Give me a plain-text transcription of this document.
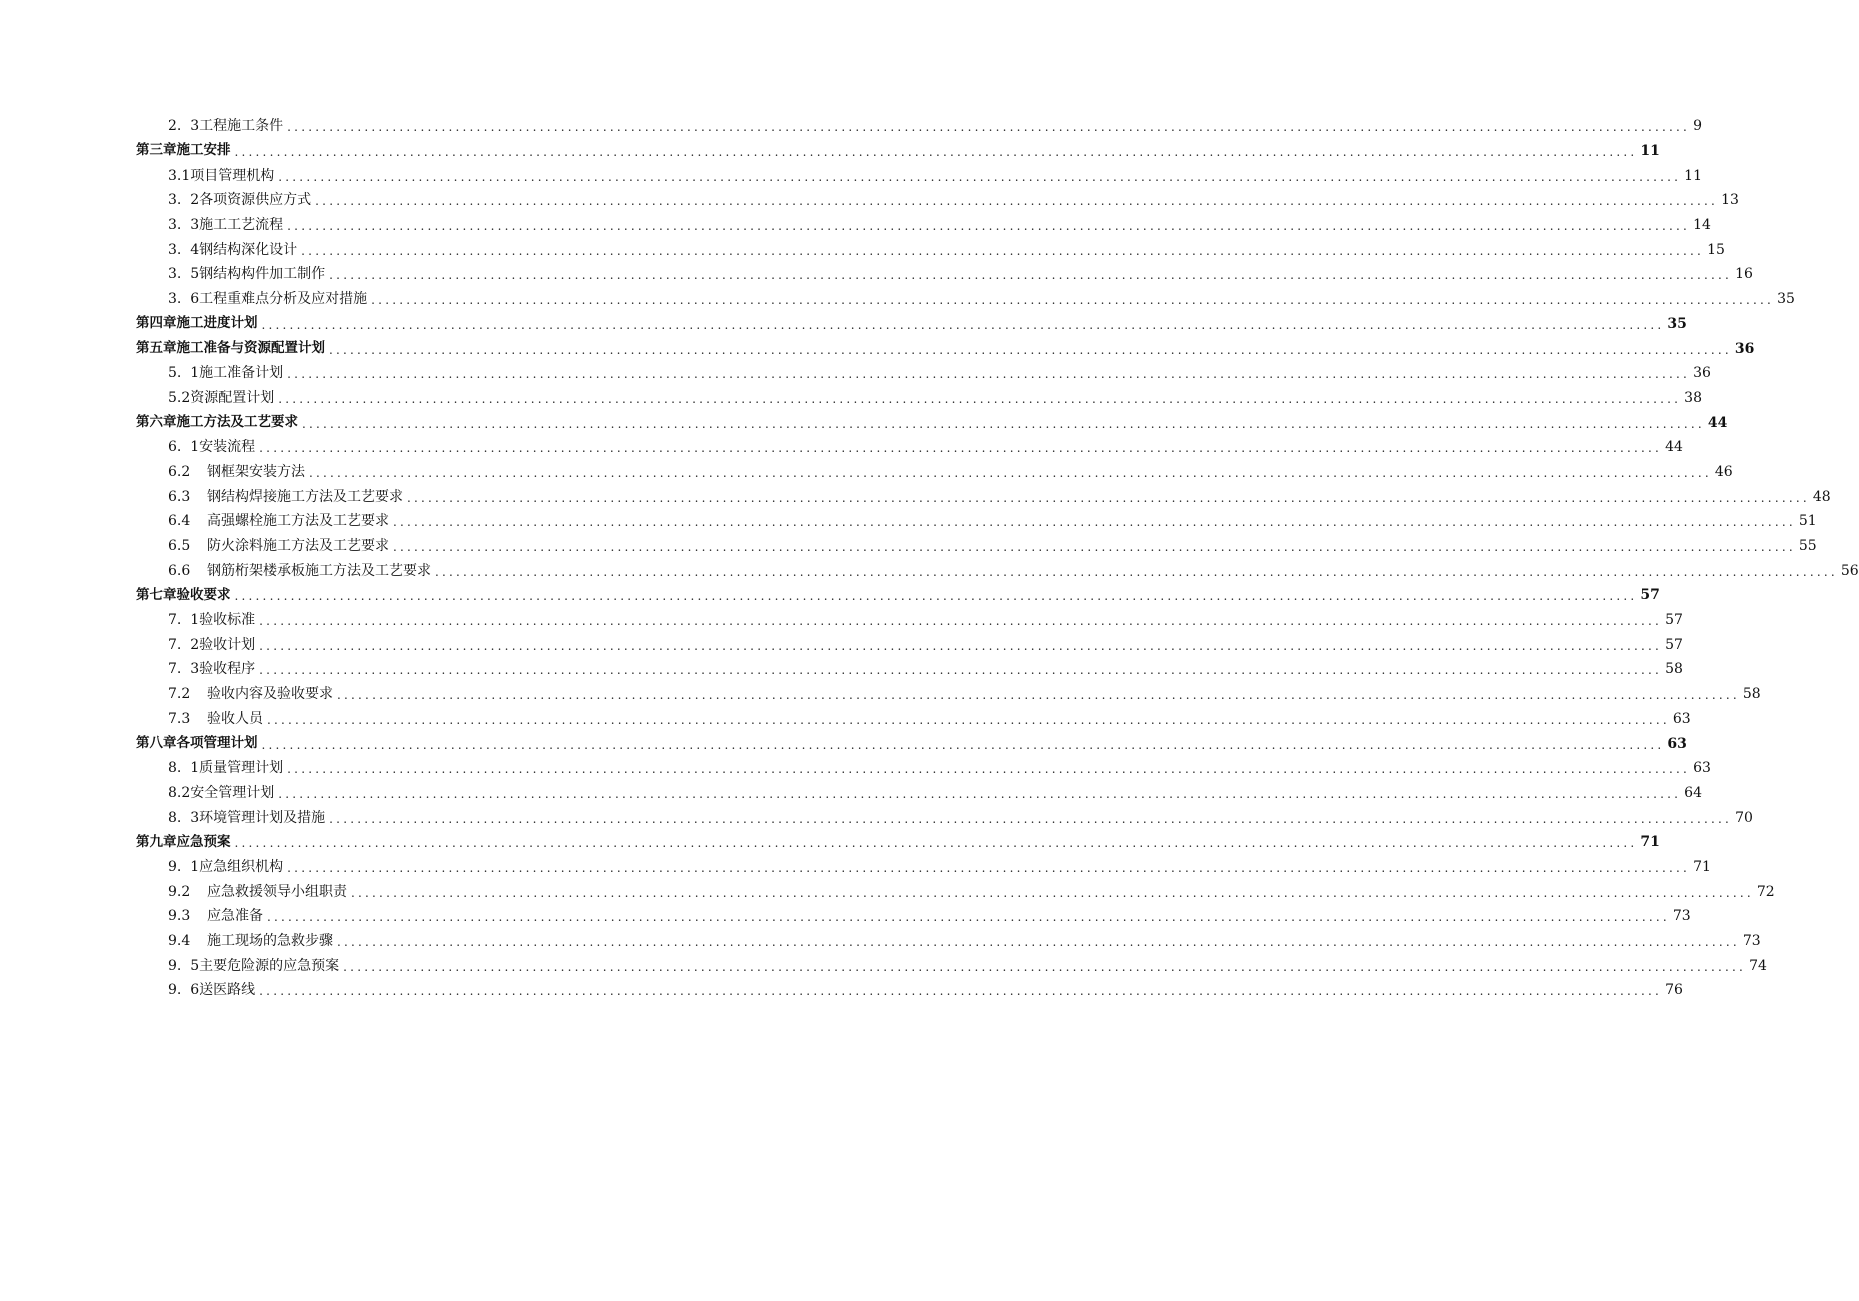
2.  3工程施工条件 ........................................................................................................................................................................................................ 9
第三章施工安排 ........................................................................................................................................................................................................ 11
3.1项目管理机构 ........................................................................................................................................................................................................ 11
3.  2各项资源供应方式 ........................................................................................................................................................................................................ 13
3.  3施工工艺流程 ........................................................................................................................................................................................................ 14
3.  4钢结构深化设计 ........................................................................................................................................................................................................ 15
3.  5钢结构构件加工制作 ........................................................................................................................................................................................................ 16
3.  6工程重难点分析及应对措施 ........................................................................................................................................................................................................ 35
第四章施工进度计划 ........................................................................................................................................................................................................ 35
第五章施工准备与资源配置计划 ........................................................................................................................................................................................................ 36
5.  1施工准备计划 ........................................................................................................................................................................................................ 36
5.2资源配置计划 ........................................................................................................................................................................................................ 38
第六章施工方法及工艺要求 ........................................................................................................................................................................................................ 44
6.  1安装流程 ........................................................................................................................................................................................................ 44
6.2 钢框架安装方法 ........................................................................................................................................................................................................ 46
6.3 钢结构焊接施工方法及工艺要求 ........................................................................................................................................................................................................ 48
6.4 高强螺栓施工方法及工艺要求 ........................................................................................................................................................................................................ 51
6.5 防火涂料施工方法及工艺要求 ........................................................................................................................................................................................................ 55
6.6 钢筋桁架楼承板施工方法及工艺要求 ........................................................................................................................................................................................................ 56
第七章验收要求 ........................................................................................................................................................................................................ 57
7.  1验收标准 ........................................................................................................................................................................................................ 57
7.  2验收计划 ........................................................................................................................................................................................................ 57
7.  3验收程序 ........................................................................................................................................................................................................ 58
7.2 验收内容及验收要求 ........................................................................................................................................................................................................ 58
7.3 验收人员 ........................................................................................................................................................................................................ 63
第八章各项管理计划 ........................................................................................................................................................................................................ 63
8.  1质量管理计划 ........................................................................................................................................................................................................ 63
8.2安全管理计划 ........................................................................................................................................................................................................ 64
8.  3环境管理计划及措施 ........................................................................................................................................................................................................ 70
第九章应急预案 ........................................................................................................................................................................................................ 71
9.  1应急组织机构 ........................................................................................................................................................................................................ 71
9.2 应急救援领导小组职责 ........................................................................................................................................................................................................ 72
9.3 应急准备 ........................................................................................................................................................................................................ 73
9.4 施工现场的急救步骤 ........................................................................................................................................................................................................ 73
9.  5主要危险源的应急预案 ........................................................................................................................................................................................................ 74
9.  6送医路线 ........................................................................................................................................................................................................ 76
